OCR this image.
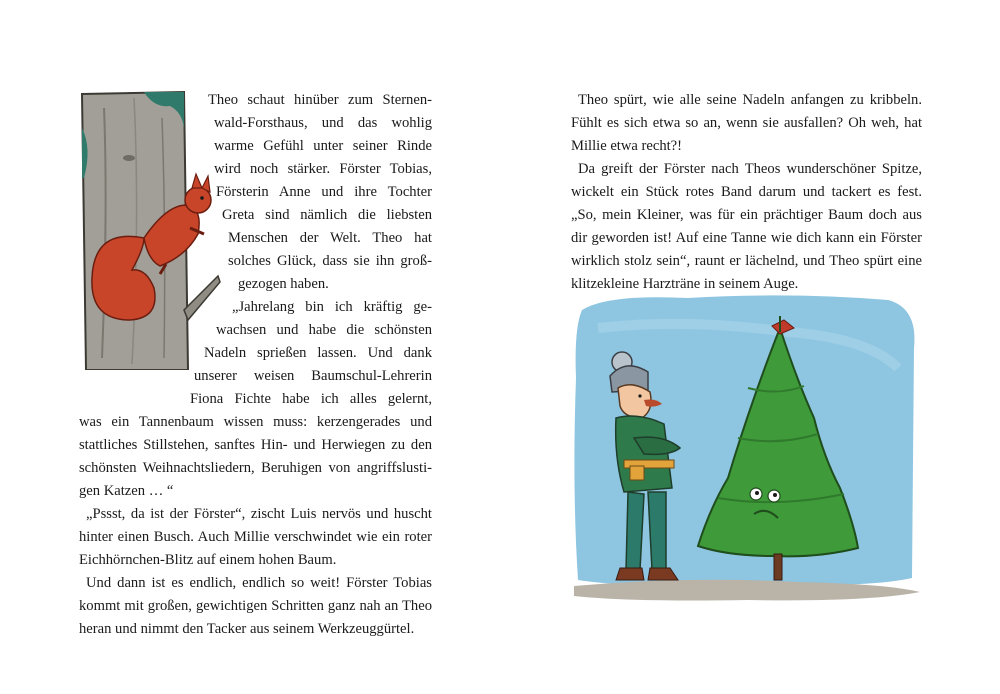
Theo schaut hinüber zum Sternen-
wald-Forsthaus, und das wohlig
warme Gefühl unter seiner Rinde
wird noch stärker. Förster Tobias,
Försterin Anne und ihre Tochter
Greta sind nämlich die liebsten
Menschen der Welt. Theo hat
solches Glück, dass sie ihn groß-
gezogen haben.
„Jahrelang bin ich kräftig ge-
wachsen und habe die schönsten
Nadeln sprießen lassen. Und dank
unserer weisen Baumschul-Lehrerin
Fiona Fichte habe ich alles gelernt,
was ein Tannenbaum wissen muss: kerzengerades und
stattliches Stillstehen, sanftes Hin- und Herwiegen zu den
schönsten Weihnachtsliedern, Beruhigen von angriffslusti-
gen Katzen … “
„Pssst, da ist der Förster“, zischt Luis nervös und huscht
hinter einen Busch. Auch Millie verschwindet wie ein roter
Eichhörnchen-Blitz auf einem hohen Baum.
Und dann ist es endlich, endlich so weit! Förster Tobias
kommt mit großen, gewichtigen Schritten ganz nah an Theo
heran und nimmt den Tacker aus seinem Werkzeuggürtel.
Theo spürt, wie alle seine Nadeln anfangen zu kribbeln.
Fühlt es sich etwa so an, wenn sie ausfallen? Oh weh, hat
Millie etwa recht?!
Da greift der Förster nach Theos wunderschöner Spitze,
wickelt ein Stück rotes Band darum und tackert es fest.
„So, mein Kleiner, was für ein prächtiger Baum doch aus
dir geworden ist! Auf eine Tanne wie dich kann ein Förster
wirklich stolz sein“, raunt er lächelnd, und Theo spürt eine
klitzekleine Harzträne in seinem Auge.
